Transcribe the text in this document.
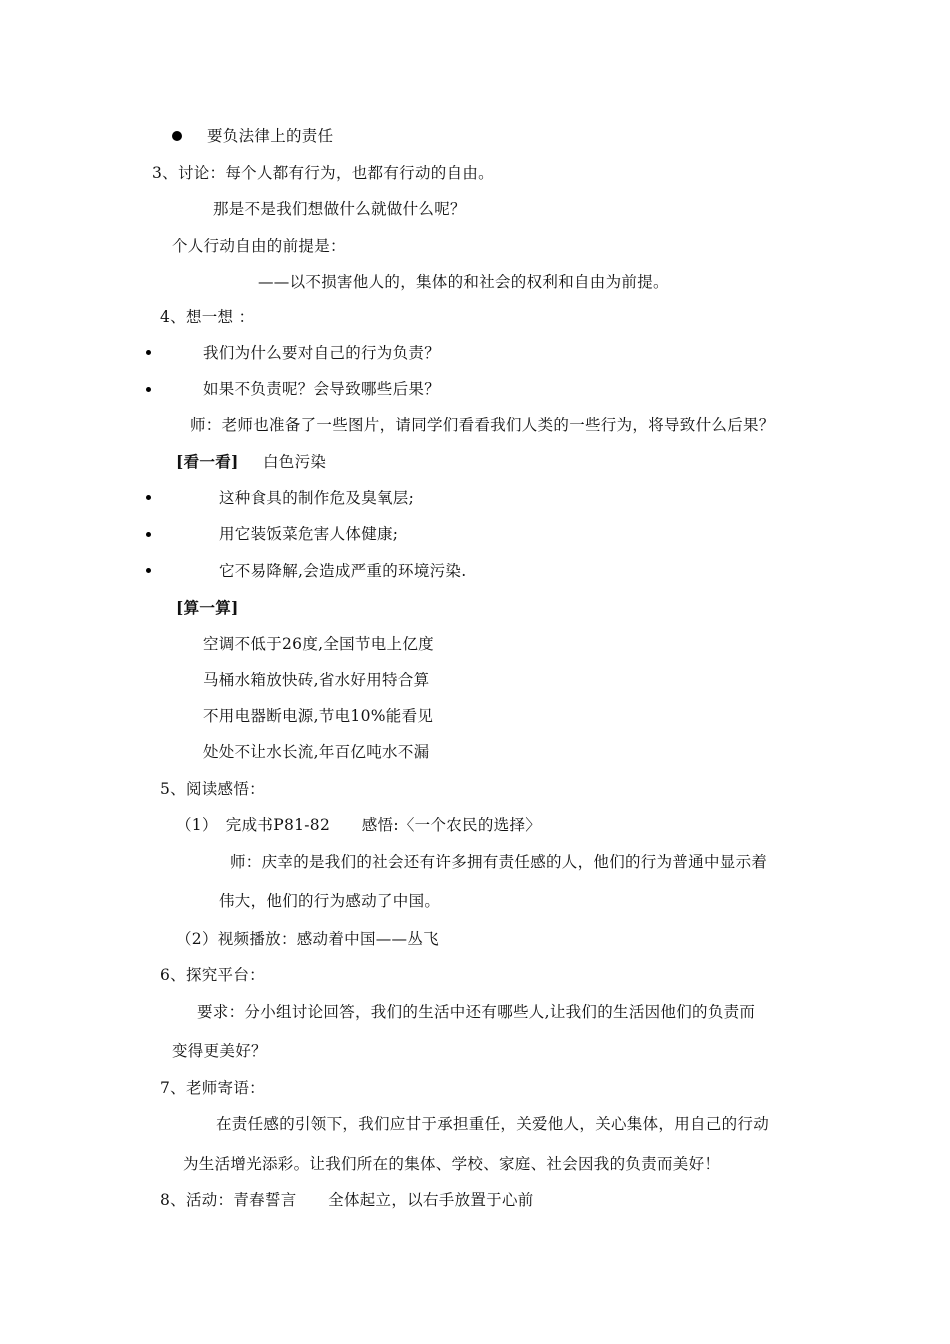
要负法律上的责任
3、讨论：每个人都有行为，也都有行动的自由。
那是不是我们想做什么就做什么呢？
个人行动自由的前提是：
——以不损害他人的，集体的和社会的权利和自由为前提。
4、想一想 ：
我们为什么要对自己的行为负责？
如果不负责呢？会导致哪些后果？
师：老师也准备了一些图片，请同学们看看我们人类的一些行为，将导致什么后果？
[看一看] 白色污染
这种食具的制作危及臭氧层;
用它装饭菜危害人体健康;
它不易降解,会造成严重的环境污染.
[算一算]
空调不低于26度,全国节电上亿度
马桶水箱放快砖,省水好用特合算
不用电器断电源,节电10%能看见
处处不让水长流,年百亿吨水不漏
5、阅读感悟：
（1）　完成书P81-82　　感悟:〈一个农民的选择〉
师：庆幸的是我们的社会还有许多拥有责任感的人，他们的行为普通中显示着
伟大，他们的行为感动了中国。
（2）视频播放：感动着中国——丛飞
6、探究平台：
要求：分小组讨论回答，我们的生活中还有哪些人,让我们的生活因他们的负责而
变得更美好？
7、老师寄语：
在责任感的引领下，我们应甘于承担重任，关爱他人，关心集体，用自己的行动
为生活增光添彩。让我们所在的集体、学校、家庭、社会因我的负责而美好！
8、活动：青春誓言　　全体起立，以右手放置于心前
